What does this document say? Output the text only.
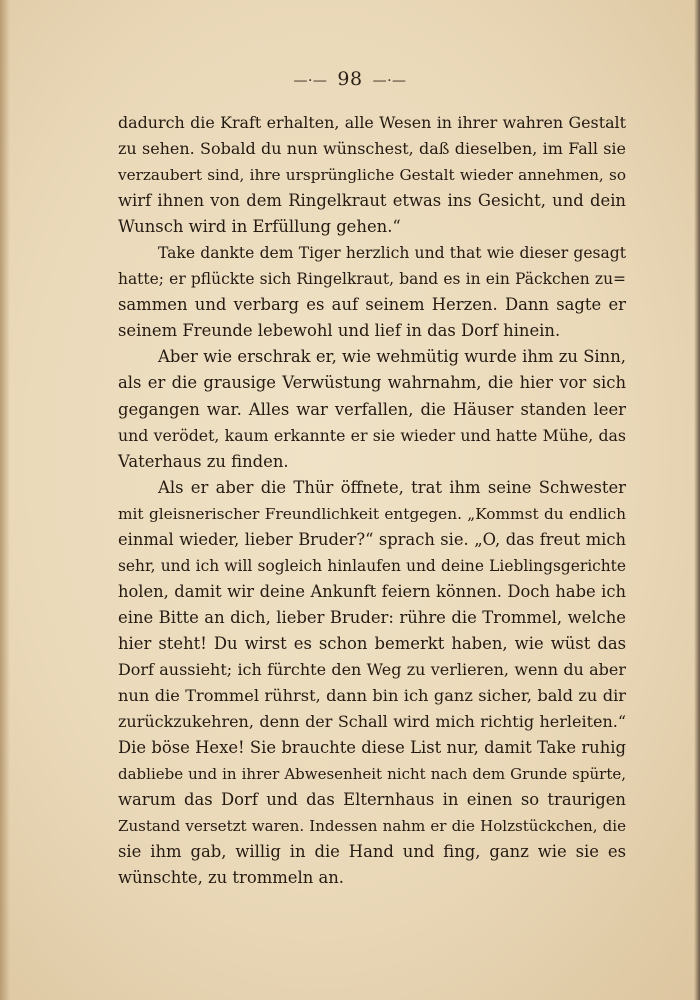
—·— 98 —·—
dadurch die Kraft erhalten, alle Wesen in ihrer wahren Gestalt
zu sehen. Sobald du nun wünschest, daß dieselben, im Fall sie
verzaubert sind, ihre ursprüngliche Gestalt wieder annehmen, so
wirf ihnen von dem Ringelkraut etwas ins Gesicht, und dein
Wunsch wird in Erfüllung gehen.“
Take dankte dem Tiger herzlich und that wie dieser gesagt
hatte; er pflückte sich Ringelkraut, band es in ein Päckchen zu=
sammen und verbarg es auf seinem Herzen. Dann sagte er
seinem Freunde lebewohl und lief in das Dorf hinein.
Aber wie erschrak er, wie wehmütig wurde ihm zu Sinn,
als er die grausige Verwüstung wahrnahm, die hier vor sich
gegangen war. Alles war verfallen, die Häuser standen leer
und verödet, kaum erkannte er sie wieder und hatte Mühe, das
Vaterhaus zu finden.
Als er aber die Thür öffnete, trat ihm seine Schwester
mit gleisnerischer Freundlichkeit entgegen. „Kommst du endlich
einmal wieder, lieber Bruder?“ sprach sie. „O, das freut mich
sehr, und ich will sogleich hinlaufen und deine Lieblingsgerichte
holen, damit wir deine Ankunft feiern können. Doch habe ich
eine Bitte an dich, lieber Bruder: rühre die Trommel, welche
hier steht! Du wirst es schon bemerkt haben, wie wüst das
Dorf aussieht; ich fürchte den Weg zu verlieren, wenn du aber
nun die Trommel rührst, dann bin ich ganz sicher, bald zu dir
zurückzukehren, denn der Schall wird mich richtig herleiten.“
Die böse Hexe! Sie brauchte diese List nur, damit Take ruhig
dabliebe und in ihrer Abwesenheit nicht nach dem Grunde spürte,
warum das Dorf und das Elternhaus in einen so traurigen
Zustand versetzt waren. Indessen nahm er die Holzstückchen, die
sie ihm gab, willig in die Hand und fing, ganz wie sie es
wünschte, zu trommeln an.
